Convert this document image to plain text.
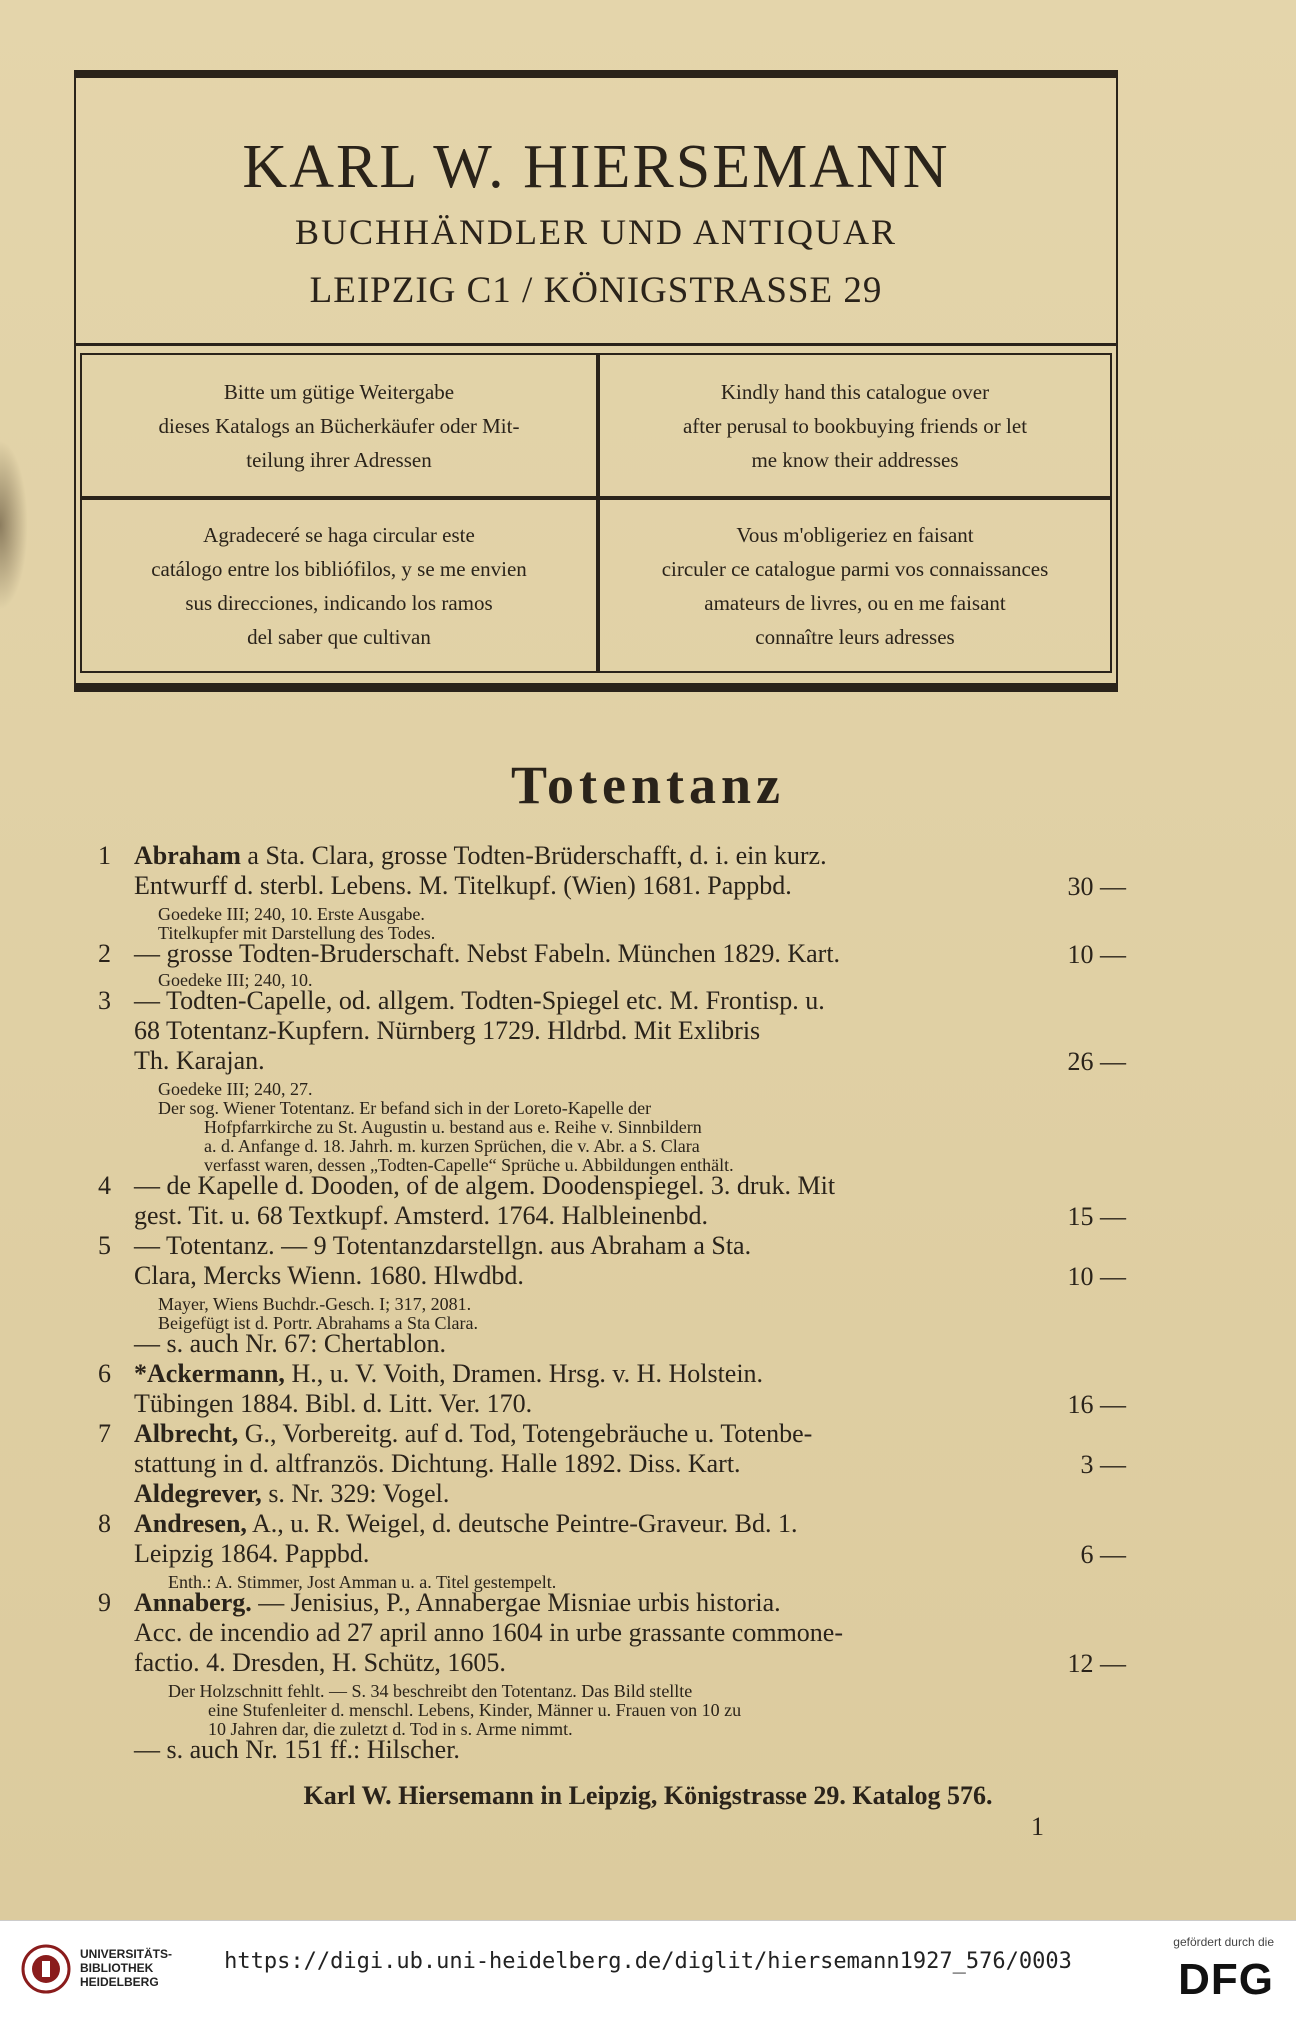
KARL W. HIERSEMANN
BUCHHÄNDLER UND ANTIQUAR
LEIPZIG C1 / KÖNIGSTRASSE 29
Bitte um gütige Weitergabe
dieses Katalogs an Bücherkäufer oder Mit-
teilung ihrer Adressen
Kindly hand this catalogue over
after perusal to bookbuying friends or let
me know their addresses
Agradeceré se haga circular este
catálogo entre los bibliófilos, y se me envien
sus direcciones, indicando los ramos
del saber que cultivan
Vous m'obligeriez en faisant
circuler ce catalogue parmi vos connaissances
amateurs de livres, ou en me faisant
connaître leurs adresses
Totentanz
1 Abraham a Sta. Clara, grosse Todten-Brüderschafft, d. i. ein kurz.
Entwurff d. sterbl. Lebens. M. Titelkupf. (Wien) 1681. Pappbd.	30 —
Goedeke III; 240, 10. Erste Ausgabe.
Titelkupfer mit Darstellung des Todes.
2 — grosse Todten-Bruderschaft. Nebst Fabeln. München 1829. Kart.	10 —
Goedeke III; 240, 10.
3 — Todten-Capelle, od. allgem. Todten-Spiegel etc. M. Frontisp. u.
68 Totentanz-Kupfern. Nürnberg 1729. Hldrbd. Mit Exlibris
Th. Karajan.	26 —
Goedeke III; 240, 27.
Der sog. Wiener Totentanz. Er befand sich in der Loreto-Kapelle der
Hofpfarrkirche zu St. Augustin u. bestand aus e. Reihe v. Sinnbildern
a. d. Anfange d. 18. Jahrh. m. kurzen Sprüchen, die v. Abr. a S. Clara
verfasst waren, dessen „Todten-Capelle“ Sprüche u. Abbildungen enthält.
4 — de Kapelle d. Dooden, of de algem. Doodenspiegel. 3. druk. Mit
gest. Tit. u. 68 Textkupf. Amsterd. 1764. Halbleinenbd.	15 —
5 — Totentanz. — 9 Totentanzdarstellgn. aus Abraham a Sta.
Clara, Mercks Wienn. 1680. Hlwdbd.	10 —
Mayer, Wiens Buchdr.-Gesch. I; 317, 2081.
Beigefügt ist d. Portr. Abrahams a Sta Clara.
— s. auch Nr. 67: Chertablon.
6 *Ackermann, H., u. V. Voith, Dramen. Hrsg. v. H. Holstein.
Tübingen 1884. Bibl. d. Litt. Ver. 170.	16 —
7 Albrecht, G., Vorbereitg. auf d. Tod, Totengebräuche u. Totenbe-
stattung in d. altfranzös. Dichtung. Halle 1892. Diss. Kart.	3 —
Aldegrever, s. Nr. 329: Vogel.
8 Andresen, A., u. R. Weigel, d. deutsche Peintre-Graveur. Bd. 1.
Leipzig 1864. Pappbd.	6 —
Enth.: A. Stimmer, Jost Amman u. a. Titel gestempelt.
9 Annaberg. — Jenisius, P., Annabergae Misniae urbis historia.
Acc. de incendio ad 27 april anno 1604 in urbe grassante commone-
factio. 4. Dresden, H. Schütz, 1605.	12 —
Der Holzschnitt fehlt. — S. 34 beschreibt den Totentanz. Das Bild stellte
eine Stufenleiter d. menschl. Lebens, Kinder, Männer u. Frauen von 10 zu
10 Jahren dar, die zuletzt d. Tod in s. Arme nimmt.
— s. auch Nr. 151 ff.: Hilscher.
Karl W. Hiersemann in Leipzig, Königstrasse 29. Katalog 576.
1
UNIVERSITÄTS-
BIBLIOTHEK
HEIDELBERG
https://digi.ub.uni-heidelberg.de/diglit/hiersemann1927_576/0003
gefördert durch die
DFG
